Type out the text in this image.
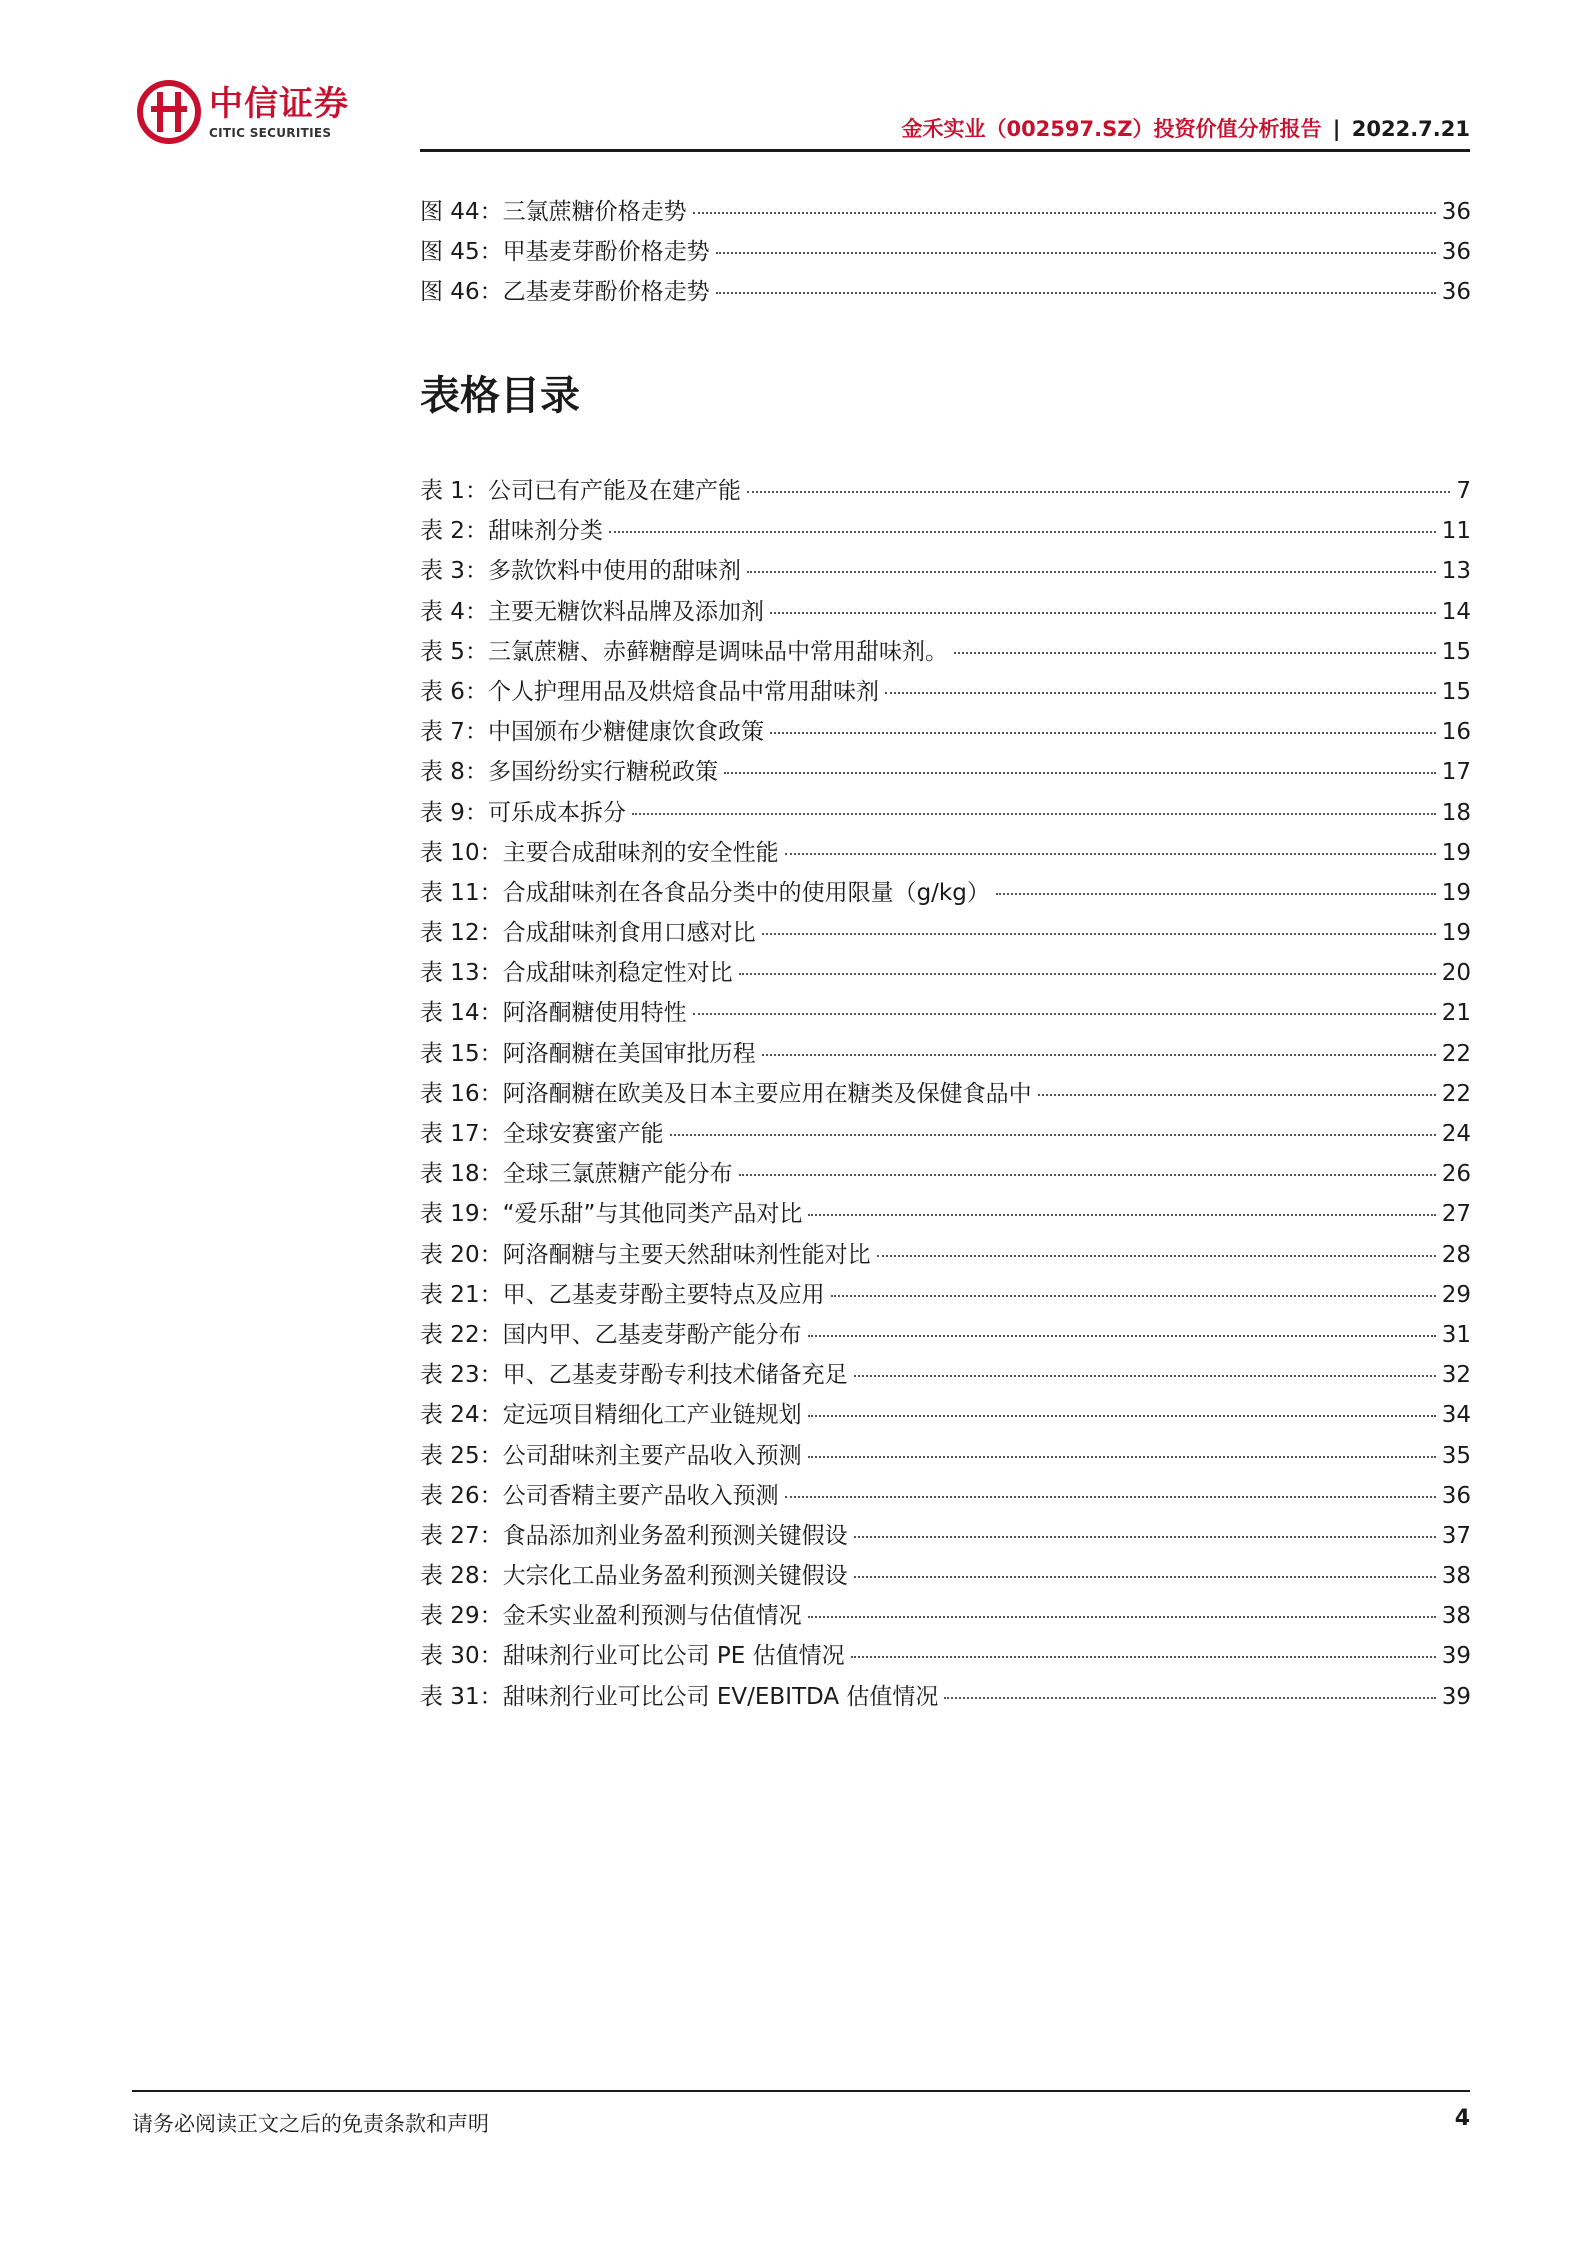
中信证券
CITIC SECURITIES	金禾实业（002597.SZ）投资价值分析报告 | 2022.7.21
图 44：三氯蔗糖价格走势	36
图 45：甲基麦芽酚价格走势	36
图 46：乙基麦芽酚价格走势	36
表格目录
表 1：公司已有产能及在建产能	7
表 2：甜味剂分类	11
表 3：多款饮料中使用的甜味剂	13
表 4：主要无糖饮料品牌及添加剂	14
表 5：三氯蔗糖、赤藓糖醇是调味品中常用甜味剂。	15
表 6：个人护理用品及烘焙食品中常用甜味剂	15
表 7：中国颁布少糖健康饮食政策	16
表 8：多国纷纷实行糖税政策	17
表 9：可乐成本拆分	18
表 10：主要合成甜味剂的安全性能	19
表 11：合成甜味剂在各食品分类中的使用限量（g/kg）	19
表 12：合成甜味剂食用口感对比	19
表 13：合成甜味剂稳定性对比	20
表 14：阿洛酮糖使用特性	21
表 15：阿洛酮糖在美国审批历程	22
表 16：阿洛酮糖在欧美及日本主要应用在糖类及保健食品中	22
表 17：全球安赛蜜产能	24
表 18：全球三氯蔗糖产能分布	26
表 19：“爱乐甜”与其他同类产品对比	27
表 20：阿洛酮糖与主要天然甜味剂性能对比	28
表 21：甲、乙基麦芽酚主要特点及应用	29
表 22：国内甲、乙基麦芽酚产能分布	31
表 23：甲、乙基麦芽酚专利技术储备充足	32
表 24：定远项目精细化工产业链规划	34
表 25：公司甜味剂主要产品收入预测	35
表 26：公司香精主要产品收入预测	36
表 27：食品添加剂业务盈利预测关键假设	37
表 28：大宗化工品业务盈利预测关键假设	38
表 29：金禾实业盈利预测与估值情况	38
表 30：甜味剂行业可比公司 PE 估值情况	39
表 31：甜味剂行业可比公司 EV/EBITDA 估值情况	39
请务必阅读正文之后的免责条款和声明	4
